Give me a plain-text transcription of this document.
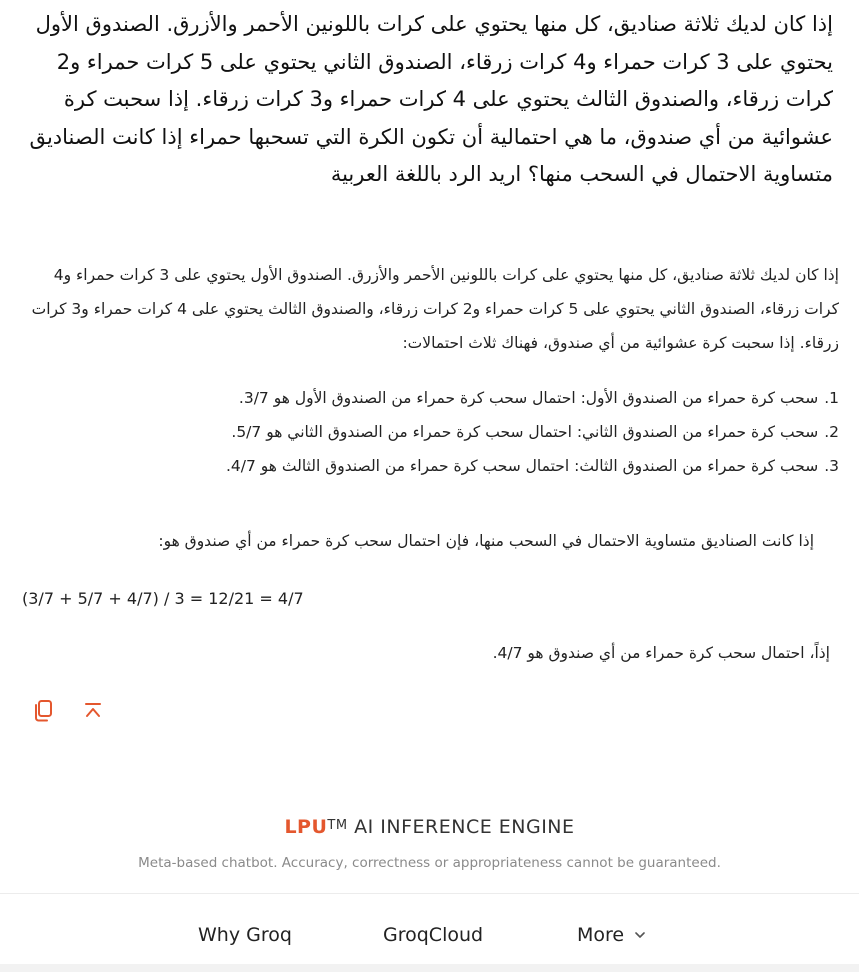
إذا كان لديك ثلاثة صناديق، كل منها يحتوي على كرات باللونين الأحمر والأزرق. الصندوق الأول يحتوي على 3 كرات حمراء و4 كرات زرقاء، الصندوق الثاني يحتوي على 5 كرات حمراء و2 كرات زرقاء، والصندوق الثالث يحتوي على 4 كرات حمراء و3 كرات زرقاء. إذا سحبت كرة عشوائية من أي صندوق، ما هي احتمالية أن تكون الكرة التي تسحبها حمراء إذا كانت الصناديق متساوية الاحتمال في السحب منها؟ اريد الرد باللغة العربية

إذا كان لديك ثلاثة صناديق، كل منها يحتوي على كرات باللونين الأحمر والأزرق. الصندوق الأول يحتوي على 3 كرات حمراء و4 كرات زرقاء، الصندوق الثاني يحتوي على 5 كرات حمراء و2 كرات زرقاء، والصندوق الثالث يحتوي على 4 كرات حمراء و3 كرات زرقاء. إذا سحبت كرة عشوائية من أي صندوق، فهناك ثلاث احتمالات:

1.سحب كرة حمراء من الصندوق الأول: احتمال سحب كرة حمراء من الصندوق الأول هو 3/7.

2.سحب كرة حمراء من الصندوق الثاني: احتمال سحب كرة حمراء من الصندوق الثاني هو 5/7.

3.سحب كرة حمراء من الصندوق الثالث: احتمال سحب كرة حمراء من الصندوق الثالث هو 4/7.

إذا كانت الصناديق متساوية الاحتمال في السحب منها، فإن احتمال سحب كرة حمراء من أي صندوق هو:

(3/7 + 5/7 + 4/7) / 3 = 12/21 = 4/7

إذاً، احتمال سحب كرة حمراء من أي صندوق هو 4/7.

LPU™ AI INFERENCE ENGINE
Meta-based chatbot. Accuracy, correctness or appropriateness cannot be guaranteed.
Why Groq	GroqCloud	More
